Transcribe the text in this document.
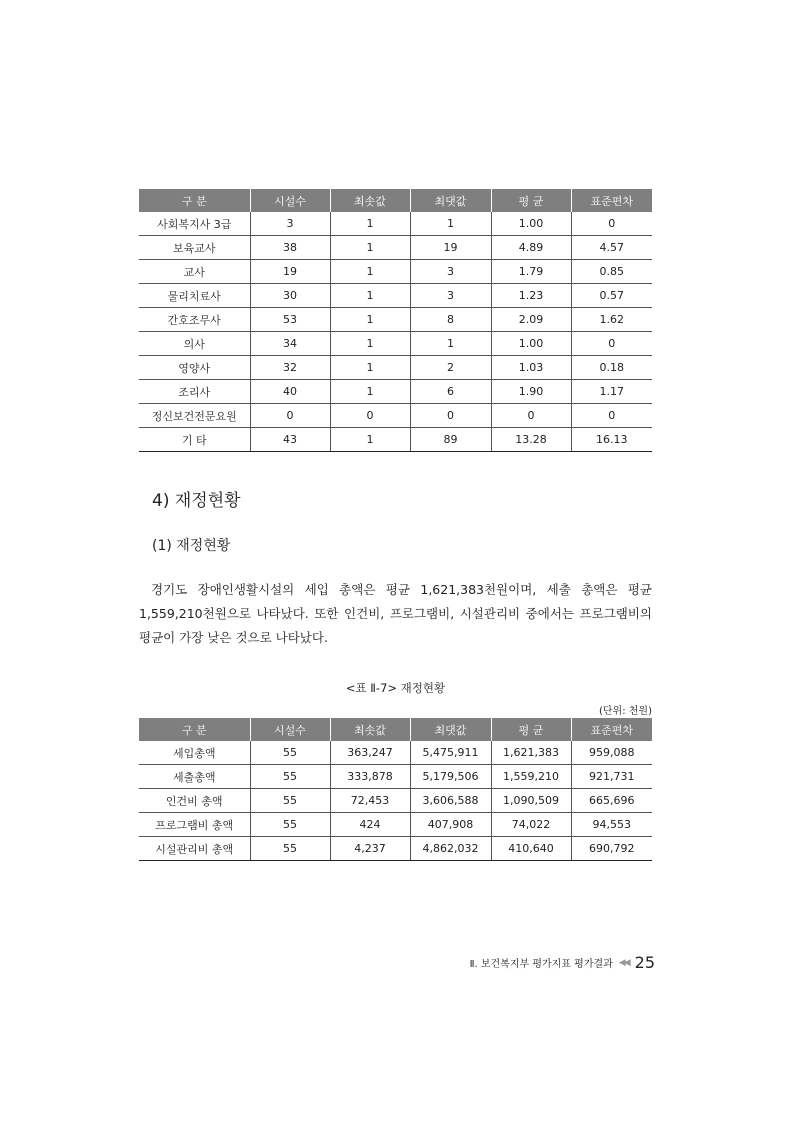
구 분	시설수	최솟값	최댓값	평 균	표준편차
사회복지사 3급	3	1	1	1.00	0
보육교사	38	1	19	4.89	4.57
교사	19	1	3	1.79	0.85
물리치료사	30	1	3	1.23	0.57
간호조무사	53	1	8	2.09	1.62
의사	34	1	1	1.00	0
영양사	32	1	2	1.03	0.18
조리사	40	1	6	1.90	1.17
정신보건전문요원	0	0	0	0	0
기 타	43	1	89	13.28	16.13
4) 재정현황
(1) 재정현황

경기도 장애인생활시설의 세입 총액은 평균 1,621,383천원이며, 세출 총액은 평균 1,559,210천원으로 나타났다. 또한 인건비, 프로그램비, 시설관리비 중에서는 프로그램비의 평균이 가장 낮은 것으로 나타났다.

<표 Ⅱ-7> 재정현황

(단위: 천원)

구 분	시설수	최솟값	최댓값	평 균	표준편차
세입총액	55	363,247	5,475,911	1,621,383	959,088
세출총액	55	333,878	5,179,506	1,559,210	921,731
인건비 총액	55	72,453	3,606,588	1,090,509	665,696
프로그램비 총액	55	424	407,908	74,022	94,553
시설관리비 총액	55	4,237	4,862,032	410,640	690,792
Ⅱ. 보건복지부 평가지표 평가결과 ◀◀ 25
